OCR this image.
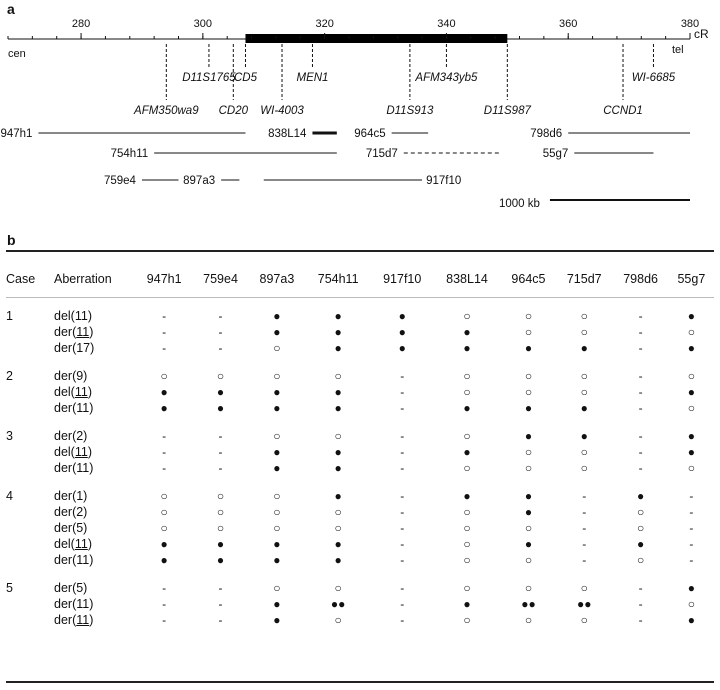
a
280	300	320	340	360	380
cR
cen	tel
D11S1765
CD5	MEN1	AFM343yb5	WI-6685
AFM350wa9 CD20 WI-4003	D11S913	D11S987	CCND1
947h1	838L14	964c5	798d6
754h11	715d7	55g7
759e4	897a3	917f10
1000 kb
b
Case	Aberration	947h1	759e4	897a3	754h11	917f10	838L14	964c5	715d7	798d6	55g7
1	del(11)	-	-	●	●	●	○	○	○	-	●
	der(11)	-	-	●	●	●	●	○	○	-	○
	der(17)	-	-	○	●	●	●	●	●	-	●
2	der(9)	○	○	○	○	-	○	○	○	-	○
	del(11)	●	●	●	●	-	○	○	○	-	●
	der(11)	●	●	●	●	-	●	●	●	-	○
3	der(2)	-	-	○	○	-	○	●	●	-	●
	del(11)	-	-	●	●	-	●	○	○	-	●
	der(11)	-	-	●	●	-	○	○	○	-	○
4	der(1)	○	○	○	●	-	●	●	-	●	-
	der(2)	○	○	○	○	-	○	●	-	○	-
	der(5)	○	○	○	○	-	○	○	-	○	-
	del(11)	●	●	●	●	-	○	●	-	●	-
	der(11)	●	●	●	●	-	○	○	-	○	-
5	der(5)	-	-	○	○	-	○	○	○	-	●
	der(11)	-	-	●	●●	-	●	●●	●●	-	○
	der(11)	-	-	●	○	-	○	○	○	-	●
